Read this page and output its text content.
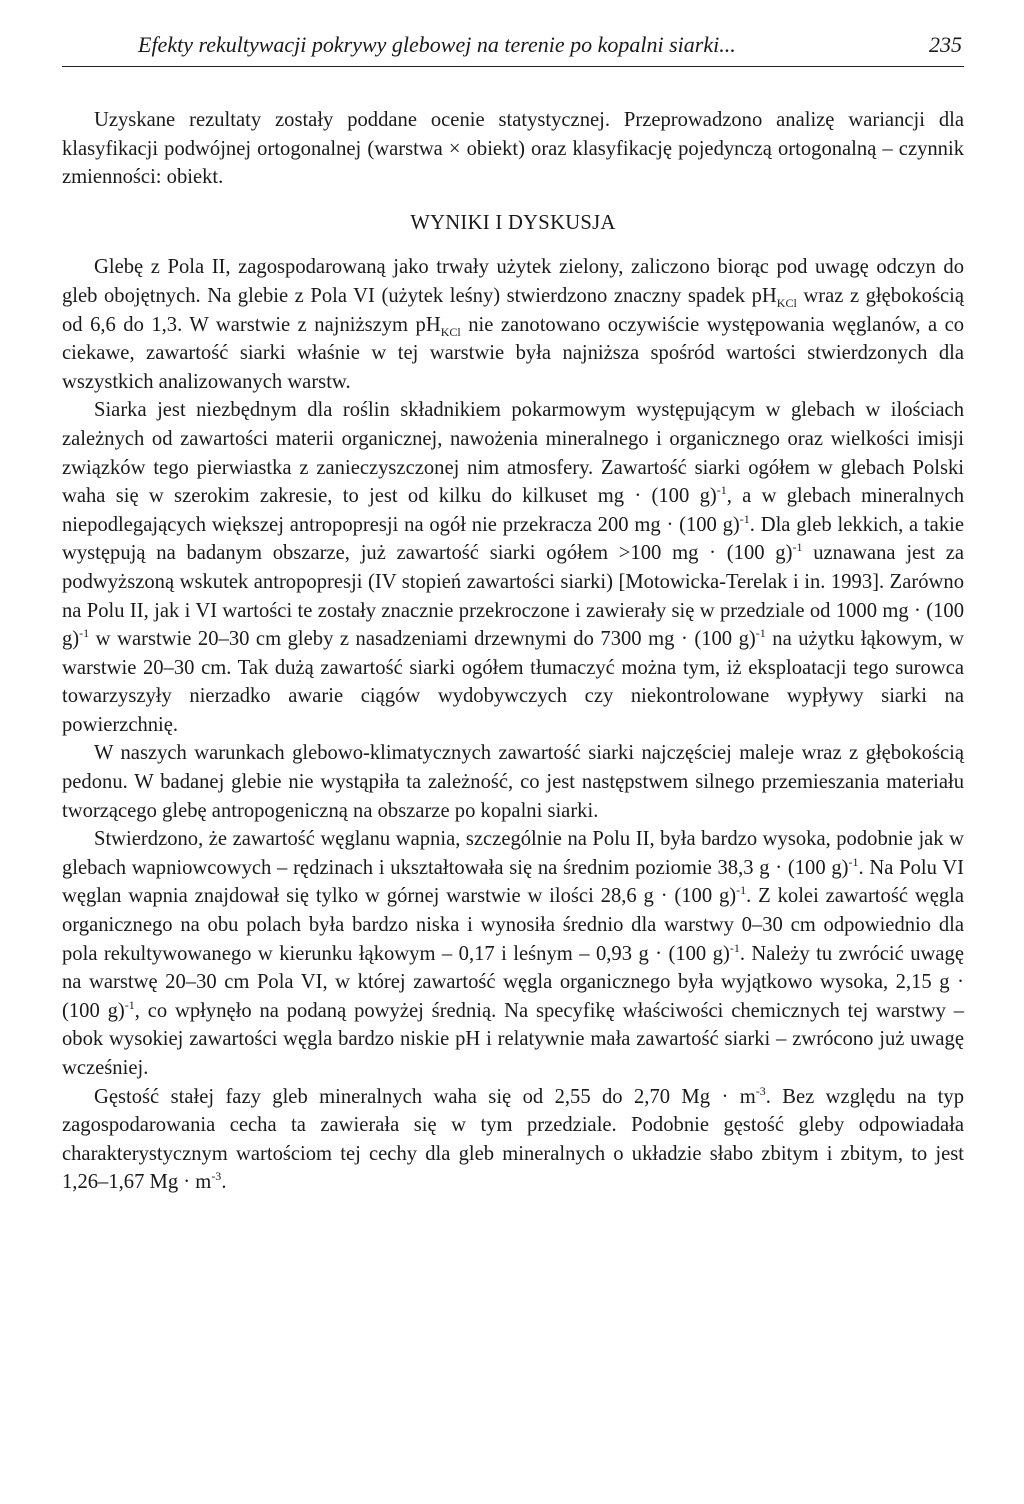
Efekty rekultywacji pokrywy glebowej na terenie po kopalni siarki...	235

Uzyskane rezultaty zostały poddane ocenie statystycznej. Przeprowadzono analizę wariancji dla klasyfikacji podwójnej ortogonalnej (warstwa × obiekt) oraz klasyfikację pojedynczą ortogonalną – czynnik zmienności: obiekt.

WYNIKI I DYSKUSJA

Glebę z Pola II, zagospodarowaną jako trwały użytek zielony, zaliczono biorąc pod uwagę odczyn do gleb obojętnych. Na glebie z Pola VI (użytek leśny) stwierdzono znaczny spadek $pH_{KCl}$ wraz z głębokością od 6,6 do 1,3. W warstwie z najniższym $pH_{KCl}$ nie zanotowano oczywiście występowania węglanów, a co ciekawe, zawartość siarki właśnie w tej warstwie była najniższa spośród wartości stwierdzonych dla wszystkich analizowanych warstw.

Siarka jest niezbędnym dla roślin składnikiem pokarmowym występującym w glebach w ilościach zależnych od zawartości materii organicznej, nawożenia mineralnego i organicznego oraz wielkości imisji związków tego pierwiastka z zanieczyszczonej nim atmosfery. Zawartość siarki ogółem w glebach Polski waha się w szerokim zakresie, to jest od kilku do kilkuset mg · (100 g)$^{-1}$, a w glebach mineralnych niepodlegających większej antropopresji na ogół nie przekracza 200 mg · (100 g)$^{-1}$. Dla gleb lekkich, a takie występują na badanym obszarze, już zawartość siarki ogółem >100 mg · (100 g)$^{-1}$ uznawana jest za podwyższoną wskutek antropopresji (IV stopień zawartości siarki) [Motowicka-Terelak i in. 1993]. Zarówno na Polu II, jak i VI wartości te zostały znacznie przekroczone i zawierały się w przedziale od 1000 mg · (100 g)$^{-1}$ w warstwie 20–30 cm gleby z nasadzeniami drzewnymi do 7300 mg · (100 g)$^{-1}$ na użytku łąkowym, w warstwie 20–30 cm. Tak dużą zawartość siarki ogółem tłumaczyć można tym, iż eksploatacji tego surowca towarzyszyły nierzadko awarie ciągów wydobywczych czy niekontrolowane wypływy siarki na powierzchnię.

W naszych warunkach glebowo-klimatycznych zawartość siarki najczęściej maleje wraz z głębokością pedonu. W badanej glebie nie wystąpiła ta zależność, co jest następstwem silnego przemieszania materiału tworzącego glebę antropogeniczną na obszarze po kopalni siarki.

Stwierdzono, że zawartość węglanu wapnia, szczególnie na Polu II, była bardzo wysoka, podobnie jak w glebach wapniowcowych – rędzinach i ukształtowała się na średnim poziomie 38,3 g · (100 g)$^{-1}$. Na Polu VI węglan wapnia znajdował się tylko w górnej warstwie w ilości 28,6 g · (100 g)$^{-1}$. Z kolei zawartość węgla organicznego na obu polach była bardzo niska i wynosiła średnio dla warstwy 0–30 cm odpowiednio dla pola rekultywowanego w kierunku łąkowym – 0,17 i leśnym – 0,93 g · (100 g)$^{-1}$. Należy tu zwrócić uwagę na warstwę 20–30 cm Pola VI, w której zawartość węgla organicznego była wyjątkowo wysoka, 2,15 g · (100 g)$^{-1}$, co wpłynęło na podaną powyżej średnią. Na specyfikę właściwości chemicznych tej warstwy – obok wysokiej zawartości węgla bardzo niskie pH i relatywnie mała zawartość siarki – zwrócono już uwagę wcześniej.

Gęstość stałej fazy gleb mineralnych waha się od 2,55 do 2,70 $Mg \cdot m^{-3}$. Bez względu na typ zagospodarowania cecha ta zawierała się w tym przedziale. Podobnie gęstość gleby odpowiadała charakterystycznym wartościom tej cechy dla gleb mineralnych o układzie słabo zbitym i zbitym, to jest 1,26–1,67 $Mg \cdot m^{-3}$.
